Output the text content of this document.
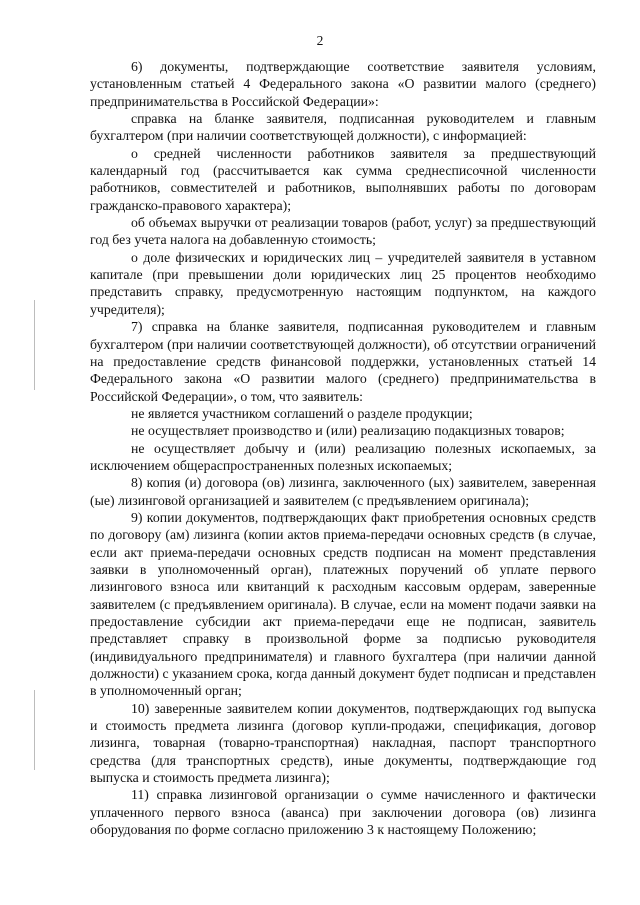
2

6) документы, подтверждающие соответствие заявителя условиям, установленным статьей 4 Федерального закона «О развитии малого (среднего) предпринимательства в Российской Федерации»:

справка на бланке заявителя, подписанная руководителем и главным бухгалтером (при наличии соответствующей должности), с информацией:

о средней численности работников заявителя за предшествующий календарный год (рассчитывается как сумма среднесписочной численности работников, совместителей и работников, выполнявших работы по договорам гражданско-правового характера);

об объемах выручки от реализации товаров (работ, услуг) за предшествующий год без учета налога на добавленную стоимость;

о доле физических и юридических лиц – учредителей заявителя в уставном капитале (при превышении доли юридических лиц 25 процентов необходимо представить справку, предусмотренную настоящим подпунктом, на каждого учредителя);

7) справка на бланке заявителя, подписанная руководителем и главным бухгалтером (при наличии соответствующей должности), об отсутствии ограничений на предоставление средств финансовой поддержки, установленных статьей 14 Федерального закона «О развитии малого (среднего) предпринимательства в Российской Федерации», о том, что заявитель:

не является участником соглашений о разделе продукции;

не осуществляет производство и (или) реализацию подакцизных товаров;

не осуществляет добычу и (или) реализацию полезных ископаемых, за исключением общераспространенных полезных ископаемых;

8) копия (и) договора (ов) лизинга, заключенного (ых) заявителем, заверенная (ые) лизинговой организацией и заявителем (с предъявлением оригинала);

9) копии документов, подтверждающих факт приобретения основных средств по договору (ам) лизинга (копии актов приема-передачи основных средств (в случае, если акт приема-передачи основных средств подписан на момент представления заявки в уполномоченный орган), платежных поручений об уплате первого лизингового взноса или квитанций к расходным кассовым ордерам, заверенные заявителем (с предъявлением оригинала). В случае, если на момент подачи заявки на предоставление субсидии акт приема-передачи еще не подписан, заявитель представляет справку в произвольной форме за подписью руководителя (индивидуального предпринимателя) и главного бухгалтера (при наличии данной должности) с указанием срока, когда данный документ будет подписан и представлен в уполномоченный орган;

10) заверенные заявителем копии документов, подтверждающих год выпуска и стоимость предмета лизинга (договор купли-продажи, спецификация, договор лизинга, товарная (товарно-транспортная) накладная, паспорт транспортного средства (для транспортных средств), иные документы, подтверждающие год выпуска и стоимость предмета лизинга);

11) справка лизинговой организации о сумме начисленного и фактически уплаченного первого взноса (аванса) при заключении договора (ов) лизинга оборудования по форме согласно приложению 3 к настоящему Положению;
